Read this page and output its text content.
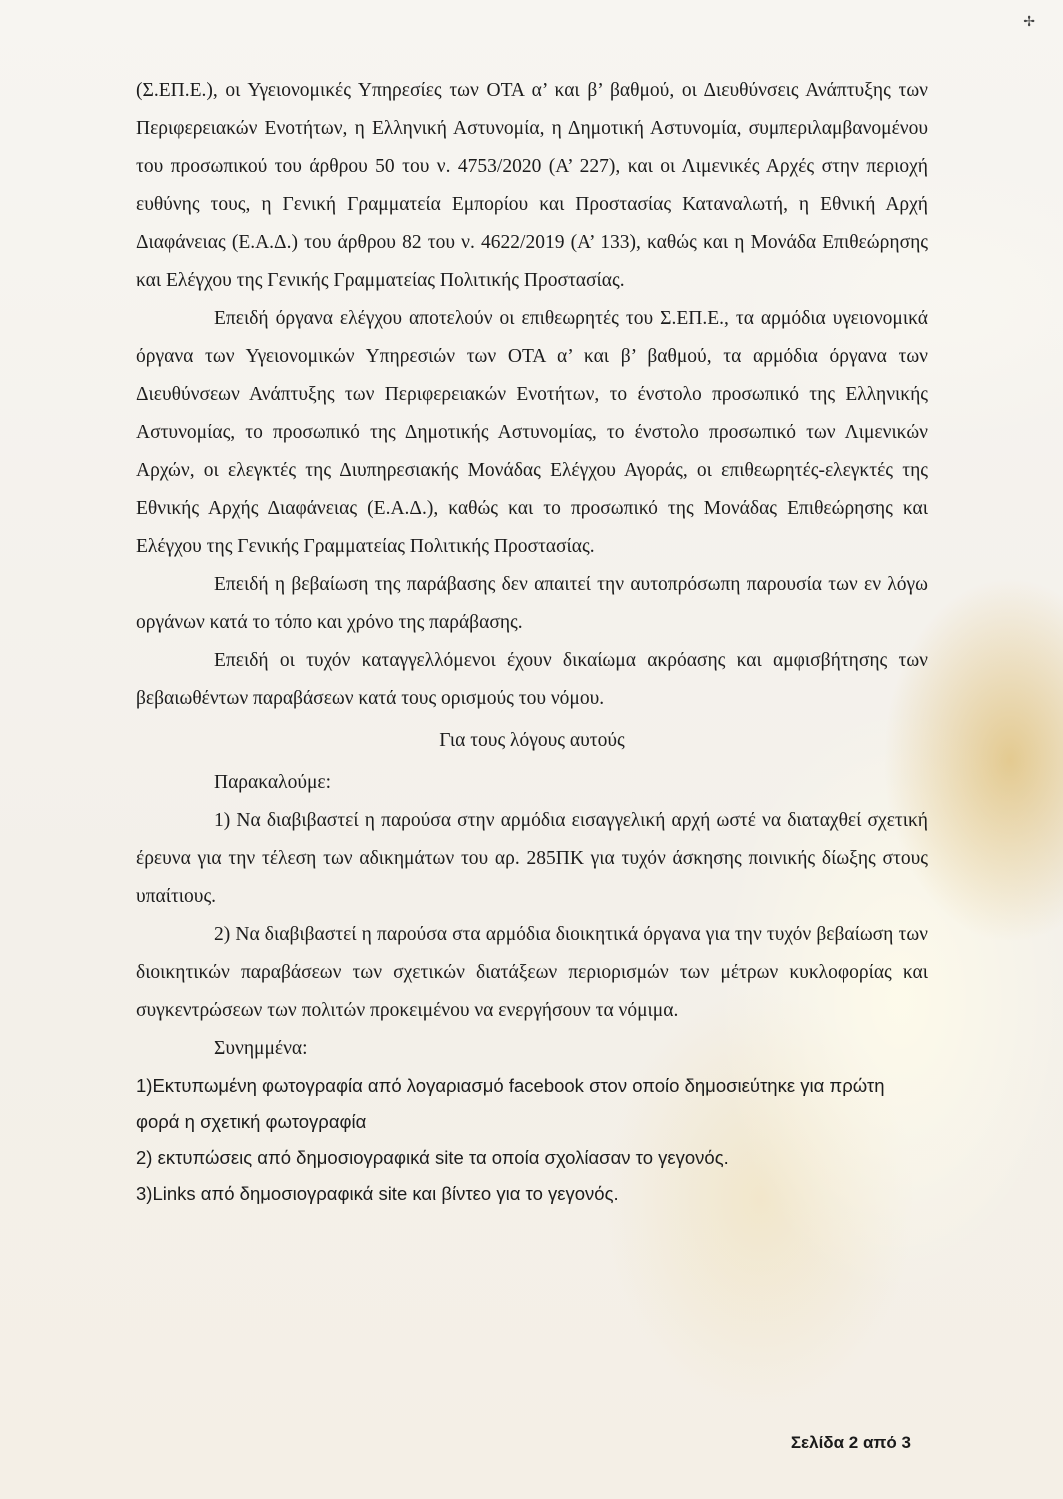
✢

(Σ.ΕΠ.Ε.), οι Υγειονομικές Υπηρεσίες των ΟΤΑ α’ και β’ βαθμού, οι Διευθύνσεις Ανάπτυξης των Περιφερειακών Ενοτήτων, η Ελληνική Αστυνομία, η Δημοτική Αστυνομία, συμπεριλαμβανομένου του προσωπικού του άρθρου 50 του ν. 4753/2020 (Α’ 227), και οι Λιμενικές Αρχές στην περιοχή ευθύνης τους, η Γενική Γραμματεία Εμπορίου και Προστασίας Καταναλωτή, η Εθνική Αρχή Διαφάνειας (Ε.Α.Δ.) του άρθρου 82 του ν. 4622/2019 (Α’ 133), καθώς και η Μονάδα Επιθεώρησης και Ελέγχου της Γενικής Γραμματείας Πολιτικής Προστασίας.

Επειδή όργανα ελέγχου αποτελούν οι επιθεωρητές του Σ.ΕΠ.Ε., τα αρμόδια υγειονομικά όργανα των Υγειονομικών Υπηρεσιών των ΟΤΑ α’ και β’ βαθμού, τα αρμόδια όργανα των Διευθύνσεων Ανάπτυξης των Περιφερειακών Ενοτήτων, το ένστολο προσωπικό της Ελληνικής Αστυνομίας, το προσωπικό της Δημοτικής Αστυνομίας, το ένστολο προσωπικό των Λιμενικών Αρχών, οι ελεγκτές της Διυπηρεσιακής Μονάδας Ελέγχου Αγοράς, οι επιθεωρητές-ελεγκτές της Εθνικής Αρχής Διαφάνειας (Ε.Α.Δ.), καθώς και το προσωπικό της Μονάδας Επιθεώρησης και Ελέγχου της Γενικής Γραμματείας Πολιτικής Προστασίας.

Επειδή η βεβαίωση της παράβασης δεν απαιτεί την αυτοπρόσωπη παρουσία των εν λόγω οργάνων κατά το τόπο και χρόνο της παράβασης.

Επειδή οι τυχόν καταγγελλόμενοι έχουν δικαίωμα ακρόασης και αμφισβήτησης των βεβαιωθέντων παραβάσεων κατά τους ορισμούς του νόμου.

Για τους λόγους αυτούς

Παρακαλούμε:

1) Να διαβιβαστεί η παρούσα στην αρμόδια εισαγγελική αρχή ωστέ να διαταχθεί σχετική έρευνα για την τέλεση των αδικημάτων του αρ. 285ΠΚ για τυχόν άσκησης ποινικής δίωξης στους υπαίτιους.

2) Να διαβιβαστεί η παρούσα στα αρμόδια διοικητικά όργανα για την τυχόν βεβαίωση των διοικητικών παραβάσεων των σχετικών διατάξεων περιορισμών των μέτρων κυκλοφορίας και συγκεντρώσεων των πολιτών προκειμένου να ενεργήσουν τα νόμιμα.

Συνημμένα:

1)Εκτυπωμένη φωτογραφία από λογαριασμό facebook στον οποίο δημοσιεύτηκε για πρώτη φορά η σχετική φωτογραφία

2) εκτυπώσεις από δημοσιογραφικά site τα οποία σχολίασαν το γεγονός.

3)Links από δημοσιογραφικά site και βίντεο για το γεγονός.

Σελίδα 2 από 3
